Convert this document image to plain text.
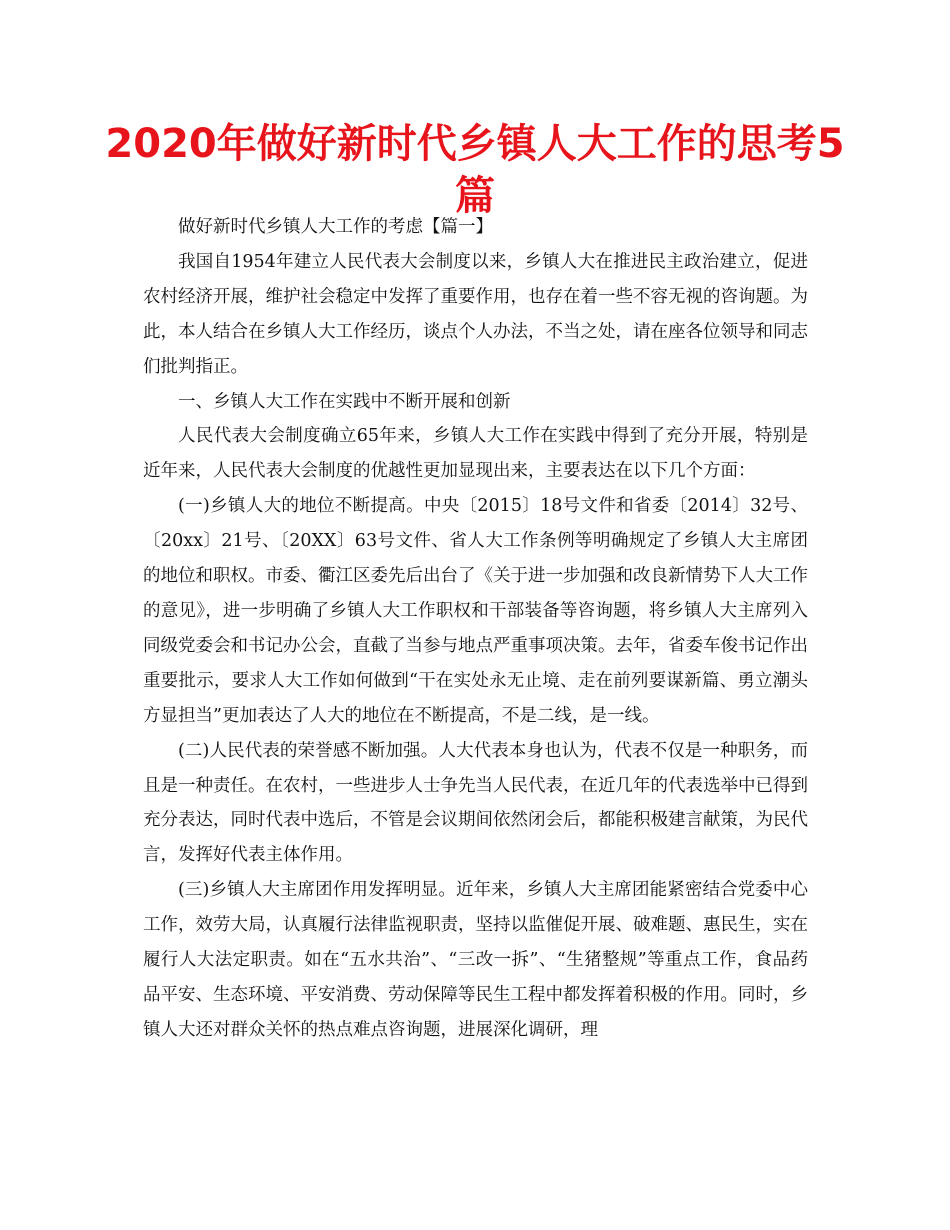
2020年做好新时代乡镇人大工作的思考5篇

做好新时代乡镇人大工作的考虑【篇一】

我国自1954年建立人民代表大会制度以来，乡镇人大在推进民主政治建立，促进农村经济开展，维护社会稳定中发挥了重要作用，也存在着一些不容无视的咨询题。为此，本人结合在乡镇人大工作经历，谈点个人办法，不当之处，请在座各位领导和同志们批判指正。

一、乡镇人大工作在实践中不断开展和创新

人民代表大会制度确立65年来，乡镇人大工作在实践中得到了充分开展，特别是近年来，人民代表大会制度的优越性更加显现出来，主要表达在以下几个方面：

(一)乡镇人大的地位不断提高。中央〔2015〕18号文件和省委〔2014〕32号、〔20xx〕21号、〔20XX〕63号文件、省人大工作条例等明确规定了乡镇人大主席团的地位和职权。市委、衢江区委先后出台了《关于进一步加强和改良新情势下人大工作的意见》，进一步明确了乡镇人大工作职权和干部装备等咨询题，将乡镇人大主席列入同级党委会和书记办公会，直截了当参与地点严重事项决策。去年，省委车俊书记作出重要批示，要求人大工作如何做到“干在实处永无止境、走在前列要谋新篇、勇立潮头方显担当”更加表达了人大的地位在不断提高，不是二线，是一线。

(二)人民代表的荣誉感不断加强。人大代表本身也认为，代表不仅是一种职务，而且是一种责任。在农村，一些进步人士争先当人民代表，在近几年的代表选举中已得到充分表达，同时代表中选后，不管是会议期间依然闭会后，都能积极建言献策，为民代言，发挥好代表主体作用。

(三)乡镇人大主席团作用发挥明显。近年来，乡镇人大主席团能紧密结合党委中心工作，效劳大局，认真履行法律监视职责，坚持以监催促开展、破难题、惠民生，实在履行人大法定职责。如在“五水共治”、“三改一拆”、“生猪整规”等重点工作，食品药品平安、生态环境、平安消费、劳动保障等民生工程中都发挥着积极的作用。同时，乡镇人大还对群众关怀的热点难点咨询题，进展深化调研，理
